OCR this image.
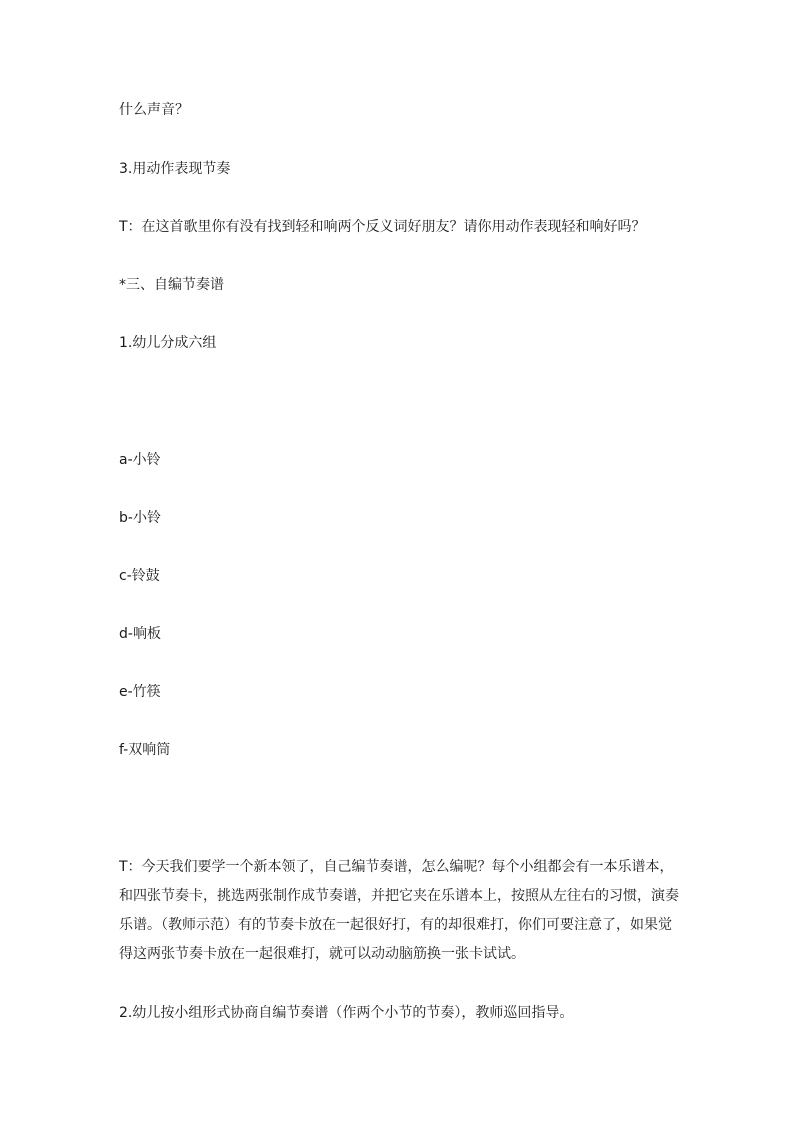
什么声音？
3.用动作表现节奏
T：在这首歌里你有没有找到轻和响两个反义词好朋友？请你用动作表现轻和响好吗？
*三、自编节奏谱
1.幼儿分成六组
a-小铃
b-小铃
c-铃鼓
d-响板
e-竹筷
f-双响筒
T：今天我们要学一个新本领了，自己编节奏谱，怎么编呢？每个小组都会有一本乐谱本，
和四张节奏卡，挑选两张制作成节奏谱，并把它夹在乐谱本上，按照从左往右的习惯，演奏
乐谱。（教师示范）有的节奏卡放在一起很好打，有的却很难打，你们可要注意了，如果觉
得这两张节奏卡放在一起很难打，就可以动动脑筋换一张卡试试。
2.幼儿按小组形式协商自编节奏谱（作两个小节的节奏），教师巡回指导。
